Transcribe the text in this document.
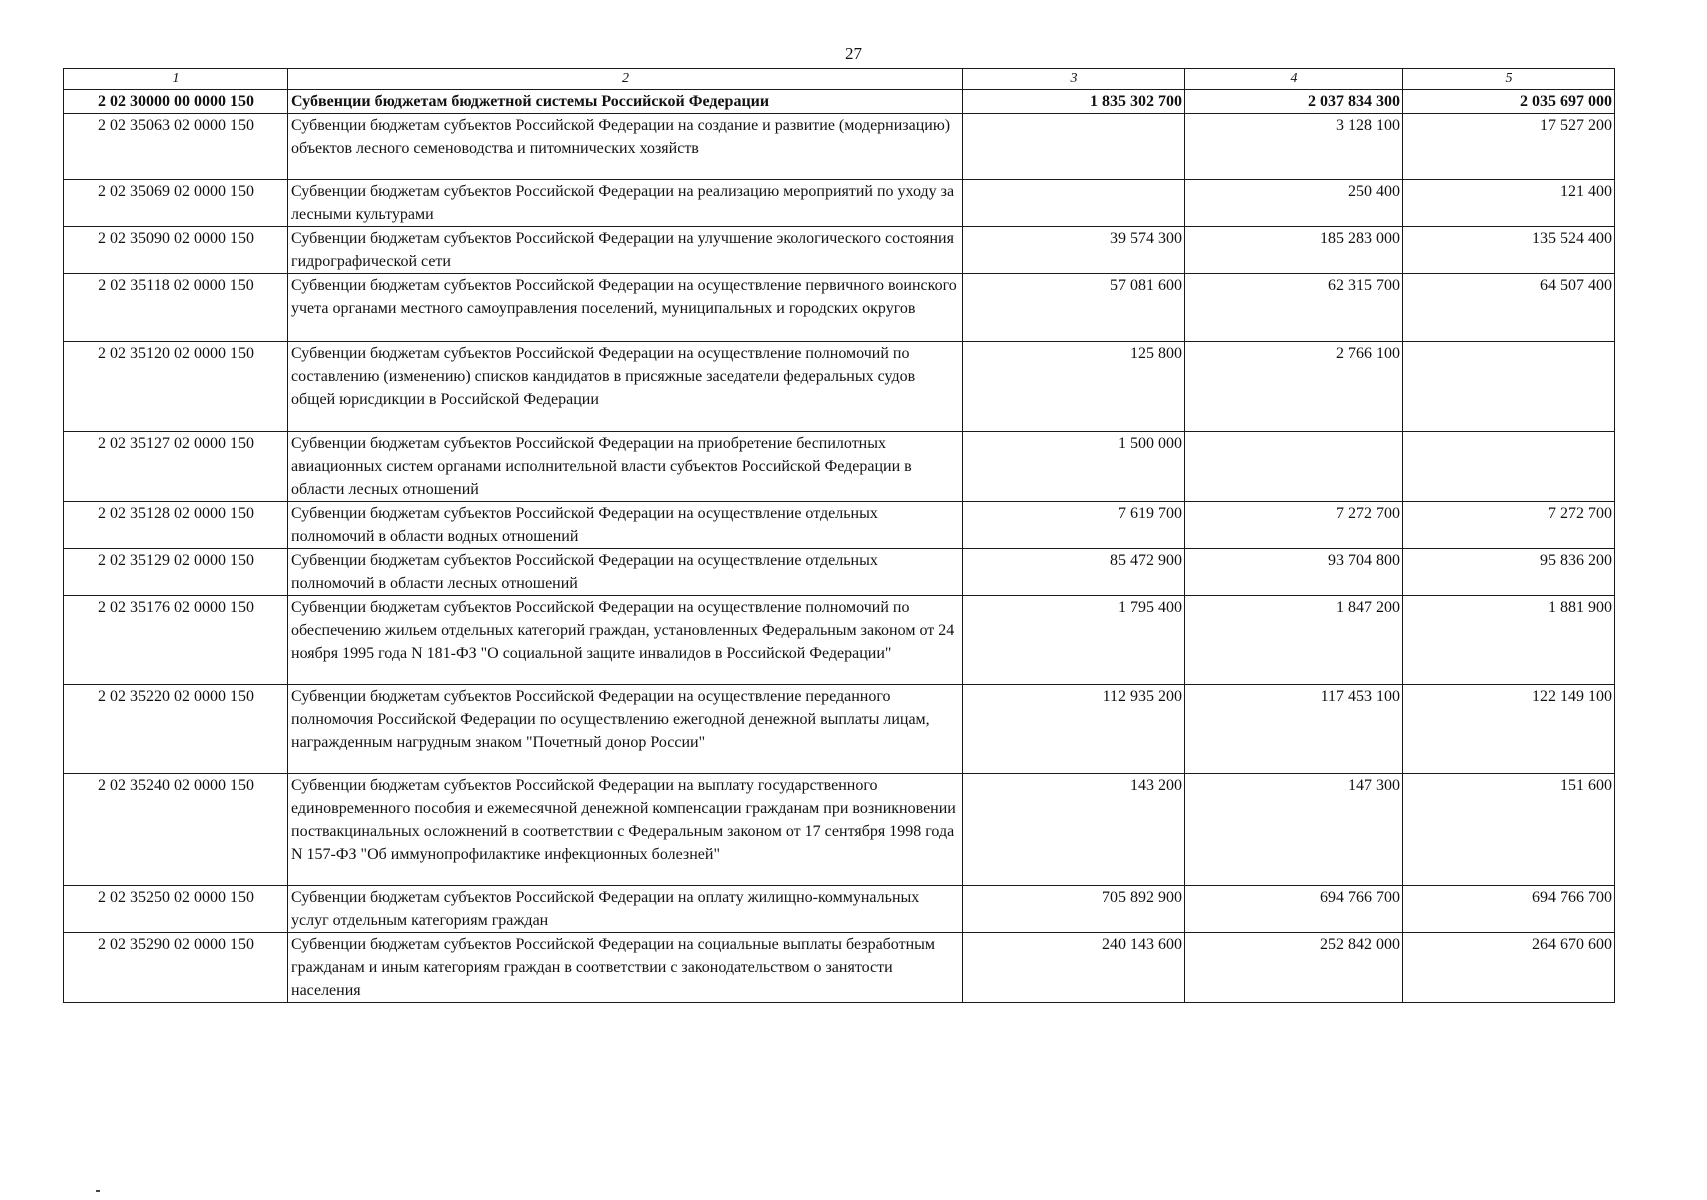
27
1	2	3	4	5
2 02 30000 00 0000 150	Субвенции бюджетам бюджетной системы Российской Федерации	1 835 302 700	2 037 834 300	2 035 697 000
2 02 35063 02 0000 150	Субвенции бюджетам субъектов Российской Федерации на создание и развитие (модернизацию) объектов лесного семеноводства и питомнических хозяйств		3 128 100	17 527 200
2 02 35069 02 0000 150	Субвенции бюджетам субъектов Российской Федерации на реализацию мероприятий по уходу за лесными культурами		250 400	121 400
2 02 35090 02 0000 150	Субвенции бюджетам субъектов Российской Федерации на улучшение экологического состояния гидрографической сети	39 574 300	185 283 000	135 524 400
2 02 35118 02 0000 150	Субвенции бюджетам субъектов Российской Федерации на осуществление первичного воинского учета органами местного самоуправления поселений, муниципальных и городских округов	57 081 600	62 315 700	64 507 400
2 02 35120 02 0000 150	Субвенции бюджетам субъектов Российской Федерации на осуществление полномочий по составлению (изменению) списков кандидатов в присяжные заседатели федеральных судов общей юрисдикции в Российской Федерации	125 800	2 766 100	
2 02 35127 02 0000 150	Субвенции бюджетам субъектов Российской Федерации на приобретение беспилотных авиационных систем органами исполнительной власти субъектов Российской Федерации в области лесных отношений	1 500 000		
2 02 35128 02 0000 150	Субвенции бюджетам субъектов Российской Федерации на осуществление отдельных полномочий в области водных отношений	7 619 700	7 272 700	7 272 700
2 02 35129 02 0000 150	Субвенции бюджетам субъектов Российской Федерации на осуществление отдельных полномочий в области лесных отношений	85 472 900	93 704 800	95 836 200
2 02 35176 02 0000 150	Субвенции бюджетам субъектов Российской Федерации на осуществление полномочий по обеспечению жильем отдельных категорий граждан, установленных Федеральным законом от 24 ноября 1995 года N 181-ФЗ "О социальной защите инвалидов в Российской Федерации"	1 795 400	1 847 200	1 881 900
2 02 35220 02 0000 150	Субвенции бюджетам субъектов Российской Федерации на осуществление переданного полномочия Российской Федерации по осуществлению ежегодной денежной выплаты лицам, награжденным нагрудным знаком "Почетный донор России"	112 935 200	117 453 100	122 149 100
2 02 35240 02 0000 150	Субвенции бюджетам субъектов Российской Федерации на выплату государственного единовременного пособия и ежемесячной денежной компенсации гражданам при возникновении поствакцинальных осложнений в соответствии с Федеральным законом от 17 сентября 1998 года N 157-ФЗ "Об иммунопрофилактике инфекционных болезней"	143 200	147 300	151 600
2 02 35250 02 0000 150	Субвенции бюджетам субъектов Российской Федерации на оплату жилищно-коммунальных услуг отдельным категориям граждан	705 892 900	694 766 700	694 766 700
2 02 35290 02 0000 150	Субвенции бюджетам субъектов Российской Федерации на социальные выплаты безработным гражданам и иным категориям граждан в соответствии с законодательством о занятости населения	240 143 600	252 842 000	264 670 600
